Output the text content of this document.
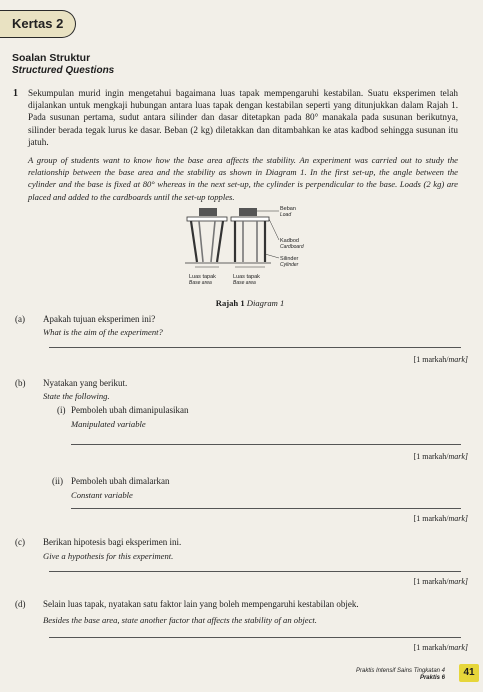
Kertas 2
Soalan Struktur
Structured Questions
1 Sekumpulan murid ingin mengetahui bagaimana luas tapak mempengaruhi kestabilan. Suatu eksperimen telah dijalankan untuk mengkaji hubungan antara luas tapak dengan kestabilan seperti yang ditunjukkan dalam Rajah 1. Pada susunan pertama, sudut antara silinder dan dasar ditetapkan pada 80° manakala pada susunan berikutnya, silinder berada tegak lurus ke dasar. Beban (2 kg) diletakkan dan ditambahkan ke atas kadbod sehingga susunan itu jatuh.
A group of students want to know how the base area affects the stability. An experiment was carried out to study the relationship between the base area and the stability as shown in Diagram 1. In the first set-up, the angle between the cylinder and the base is fixed at 80° whereas in the next set-up, the cylinder is perpendicular to the base. Loads (2 kg) are placed and added to the cardboards until the set-up topples.
Beban
Load
Kadbod
Cardboard
Silinder
Cylinder
Luas tapak
Base area
Luas tapak
Base area
Rajah 1 Diagram 1
(a) Apakah tujuan eksperimen ini?
What is the aim of the experiment?
[1 markah/mark]
(b) Nyatakan yang berikut.
State the following.
(i) Pemboleh ubah dimanipulasikan
Manipulated variable
[1 markah/mark]
(ii) Pemboleh ubah dimalarkan
Constant variable
[1 markah/mark]
(c) Berikan hipotesis bagi eksperimen ini.
Give a hypothesis for this experiment.
[1 markah/mark]
(d) Selain luas tapak, nyatakan satu faktor lain yang boleh mempengaruhi kestabilan objek.
Besides the base area, state another factor that affects the stability of an object.
[1 markah/mark]
Praktis Intensif Sains Tingkatan 4
Praktis 6	41
